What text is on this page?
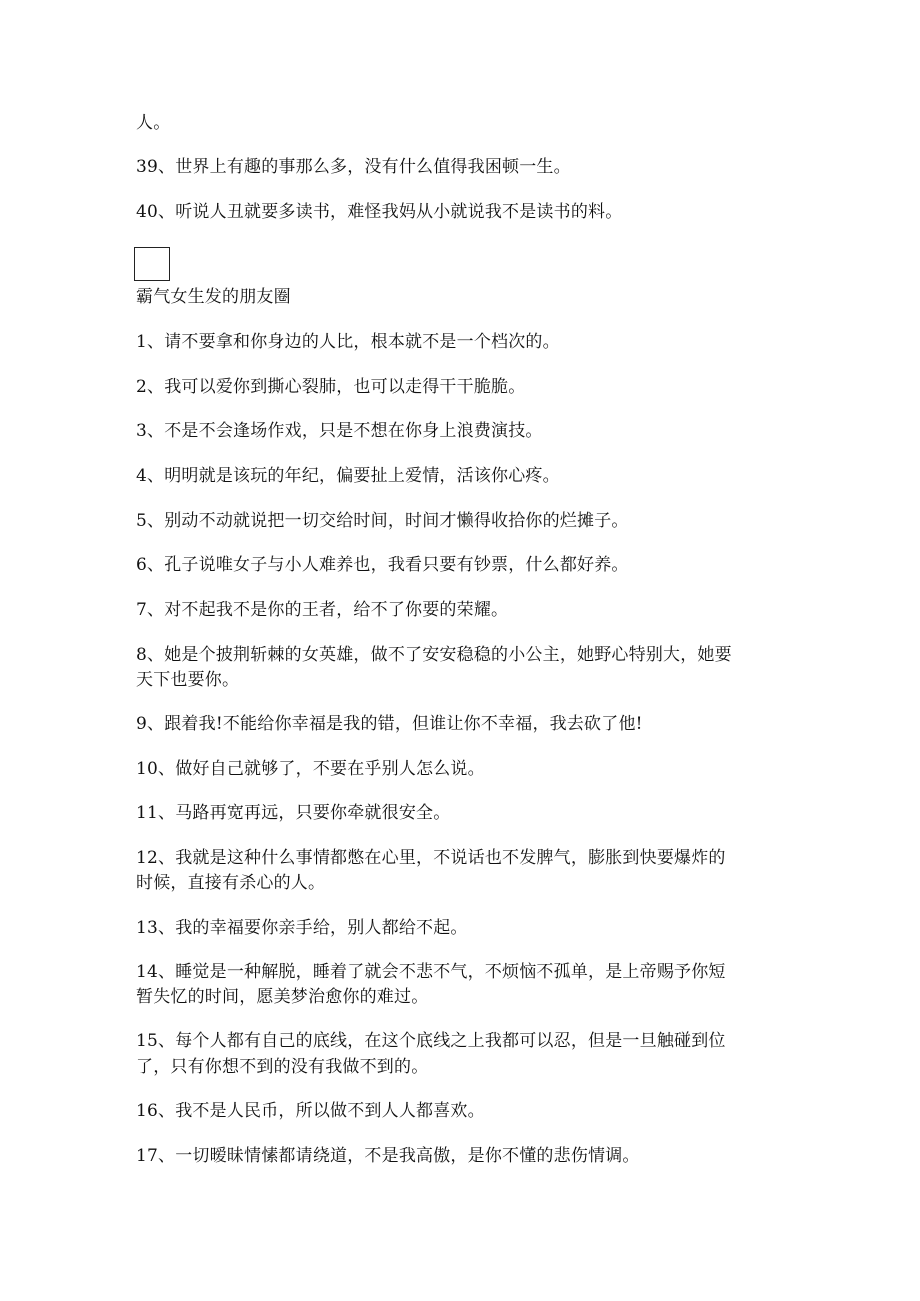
人。
39、世界上有趣的事那么多，没有什么值得我困顿一生。
40、听说人丑就要多读书，难怪我妈从小就说我不是读书的料。
霸气女生发的朋友圈
1、请不要拿和你身边的人比，根本就不是一个档次的。
2、我可以爱你到撕心裂肺，也可以走得干干脆脆。
3、不是不会逢场作戏，只是不想在你身上浪费演技。
4、明明就是该玩的年纪，偏要扯上爱情，活该你心疼。
5、别动不动就说把一切交给时间，时间才懒得收拾你的烂摊子。
6、孔子说唯女子与小人难养也，我看只要有钞票，什么都好养。
7、对不起我不是你的王者，给不了你要的荣耀。
8、她是个披荆斩棘的女英雄，做不了安安稳稳的小公主，她野心特别大，她要
天下也要你。
9、跟着我!不能给你幸福是我的错，但谁让你不幸福，我去砍了他!
10、做好自己就够了，不要在乎别人怎么说。
11、马路再宽再远，只要你牵就很安全。
12、我就是这种什么事情都憋在心里，不说话也不发脾气，膨胀到快要爆炸的
时候，直接有杀心的人。
13、我的幸福要你亲手给，别人都给不起。
14、睡觉是一种解脱，睡着了就会不悲不气，不烦恼不孤单，是上帝赐予你短
暂失忆的时间，愿美梦治愈你的难过。
15、每个人都有自己的底线，在这个底线之上我都可以忍，但是一旦触碰到位
了，只有你想不到的没有我做不到的。
16、我不是人民币，所以做不到人人都喜欢。
17、一切暧昧情愫都请绕道，不是我高傲，是你不懂的悲伤情调。
